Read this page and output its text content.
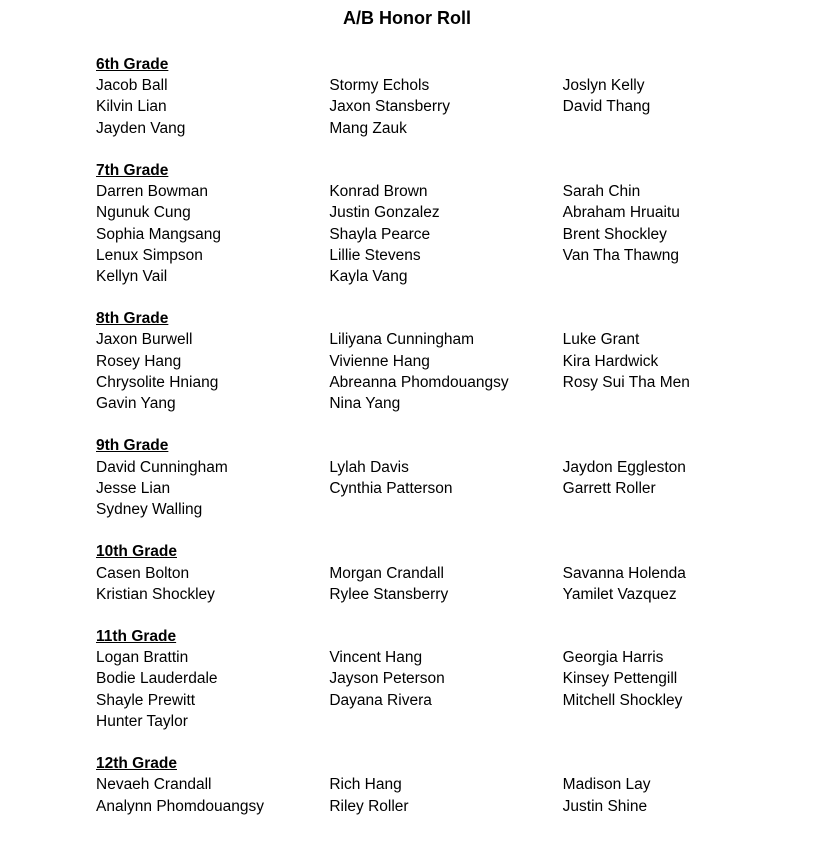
A/B Honor Roll
6th Grade
Jacob Ball	Stormy Echols	Joslyn Kelly
Kilvin Lian	Jaxon Stansberry	David Thang
Jayden Vang	Mang Zauk
7th Grade
Darren Bowman	Konrad Brown	Sarah Chin
Ngunuk Cung	Justin Gonzalez	Abraham Hruaitu
Sophia Mangsang	Shayla Pearce	Brent Shockley
Lenux Simpson	Lillie Stevens	Van Tha Thawng
Kellyn Vail	Kayla Vang
8th Grade
Jaxon Burwell	Liliyana Cunningham	Luke Grant
Rosey Hang	Vivienne Hang	Kira Hardwick
Chrysolite Hniang	Abreanna Phomdouangsy	Rosy Sui Tha Men
Gavin Yang	Nina Yang
9th Grade
David Cunningham	Lylah Davis	Jaydon Eggleston
Jesse Lian	Cynthia Patterson	Garrett Roller
Sydney Walling
10th Grade
Casen Bolton	Morgan Crandall	Savanna Holenda
Kristian Shockley	Rylee Stansberry	Yamilet Vazquez
11th Grade
Logan Brattin	Vincent Hang	Georgia Harris
Bodie Lauderdale	Jayson Peterson	Kinsey Pettengill
Shayle Prewitt	Dayana Rivera	Mitchell Shockley
Hunter Taylor
12th Grade
Nevaeh Crandall	Rich Hang	Madison Lay
Analynn Phomdouangsy	Riley Roller	Justin Shine
